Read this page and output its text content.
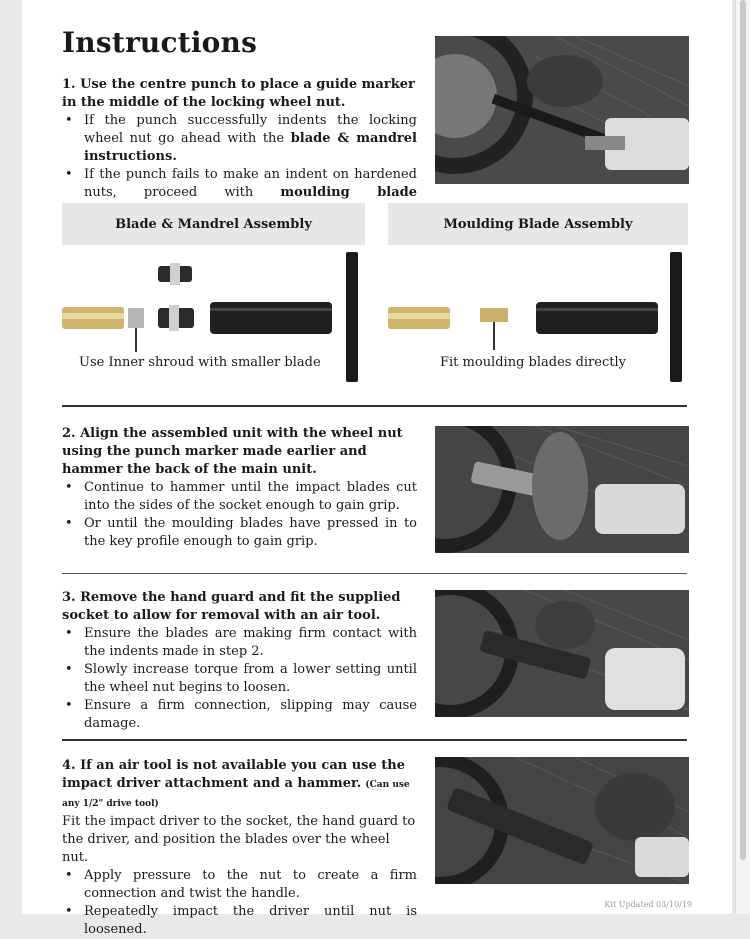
Instructions
1. Use the centre punch to place a guide marker in the middle of the locking wheel nut.
• If the punch successfully indents the locking wheel nut go ahead with the blade & mandrel instructions.
• If the punch fails to make an indent on hardened nuts, proceed with moulding blade
Blade & Mandrel Assembly	Moulding Blade Assembly
Use Inner shroud with smaller blade	Fit moulding blades directly
2. Align the assembled unit with the wheel nut using the punch marker made earlier and hammer the back of the main unit.
• Continue to hammer until the impact blades cut into the sides of the socket enough to gain grip.
• Or until the moulding blades have pressed in to the key profile enough to gain grip.
3. Remove the hand guard and fit the supplied socket to allow for removal with an air tool.
• Ensure the blades are making firm contact with the indents made in step 2.
• Slowly increase torque from a lower setting until the wheel nut begins to loosen.
• Ensure a firm connection, slipping may cause damage.
4. If an air tool is not available you can use the impact driver attachment and a hammer. (Can use any 1/2" drive tool)
Fit the impact driver to the socket, the hand guard to the driver, and position the blades over the wheel nut.
• Apply pressure to the nut to create a firm connection and twist the handle.
• Repeatedly impact the driver until nut is loosened.
Kit Updated 03/10/19
